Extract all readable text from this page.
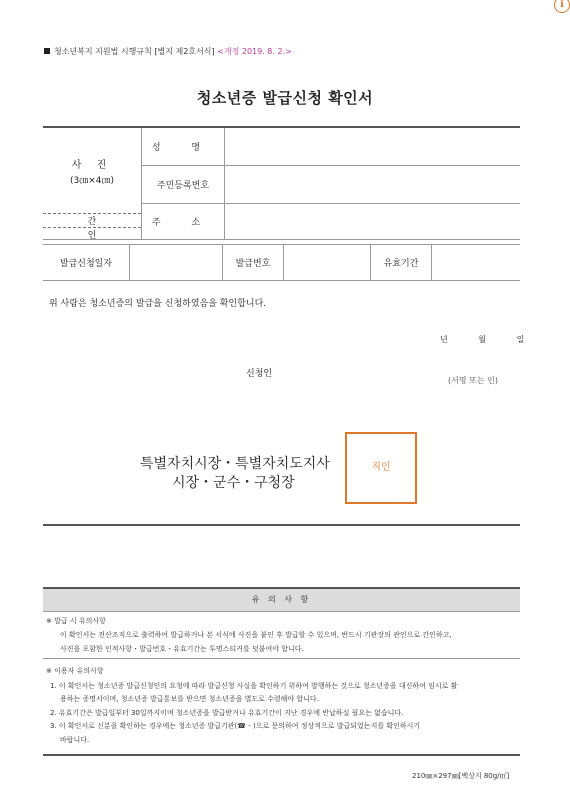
i
청소년복지 지원법 시행규칙 [별지 제2호서식] <개정 2019. 8. 2.>
청소년증 발급신청 확인서
사 진
(3㎝×4㎝)
간
인	성 명	
	주민등록번호	
	주 소	
발급신청일자		발급번호		유효기간	
위 사람은 청소년증의 발급을 신청하였음을 확인합니다.
년	월	일
신청인
(서명 또는 인)
특별자치시장・특별자치도지사
시장・군수・구청장
직인
유 의 사 항
※ 발급 시 유의사항
이 확인서는 전산조직으로 출력하여 발급하거나 본 서식에 사진을 붙인 후 발급할 수 있으며, 반드시 기관장의 관인으로 간인하고,
사진을 포함한 인적사항・발급번호・유효기간는 투명스티커를 덧붙여야 합니다.
※ 이용자 유의사항
1. 이 확인서는 청소년증 발급신청인의 요청에 따라 발급신청 사실을 확인하기 위하여 발행하는 것으로 청소년증을 대신하여 임시로 활
용하는 증명서이며, 청소년증 발급통보를 받으면 청소년증을 별도로 수령해야 합니다.
2. 유효기간은 발급일부터 30일까지이며 청소년증을 발급받거나 유효기간이 지난 경우에 반납하실 필요는 없습니다.
3. 이 확인서로 신분을 확인하는 경우에는 청소년증 발급기관(☎ - )으로 문의하여 정상적으로 발급되었는지를 확인하시기
바랍니다.
210㎜×297㎜[백상지 80g/㎡]
